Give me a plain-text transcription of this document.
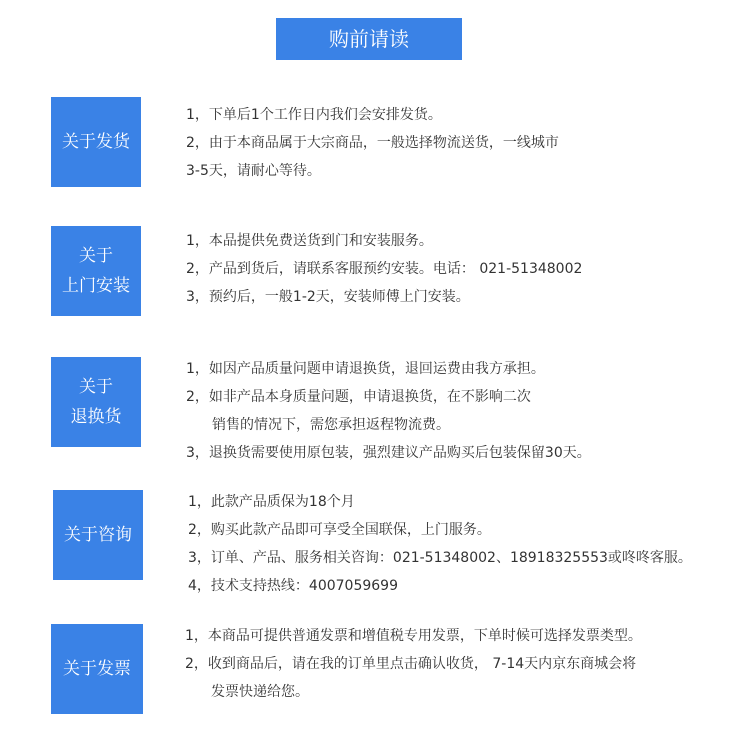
购前请读
关于发货
1，下单后1个工作日内我们会安排发货。
2，由于本商品属于大宗商品，一般选择物流送货，一线城市
3-5天，请耐心等待。
关于
上门安装
1，本品提供免费送货到门和安装服务。
2，产品到货后，请联系客服预约安装。电话： 021-51348002
3，预约后，一般1-2天，安装师傅上门安装。
关于
退换货
1，如因产品质量问题申请退换货，退回运费由我方承担。
2，如非产品本身质量问题，申请退换货，在不影响二次
销售的情况下，需您承担返程物流费。
3，退换货需要使用原包装，强烈建议产品购买后包装保留30天。
关于咨询
1，此款产品质保为18个月
2，购买此款产品即可享受全国联保，上门服务。
3，订单、产品、服务相关咨询：021-51348002、18918325553或咚咚客服。
4，技术支持热线：4007059699
关于发票
1，本商品可提供普通发票和增值税专用发票，下单时候可选择发票类型。
2，收到商品后，请在我的订单里点击确认收货， 7-14天内京东商城会将
发票快递给您。
